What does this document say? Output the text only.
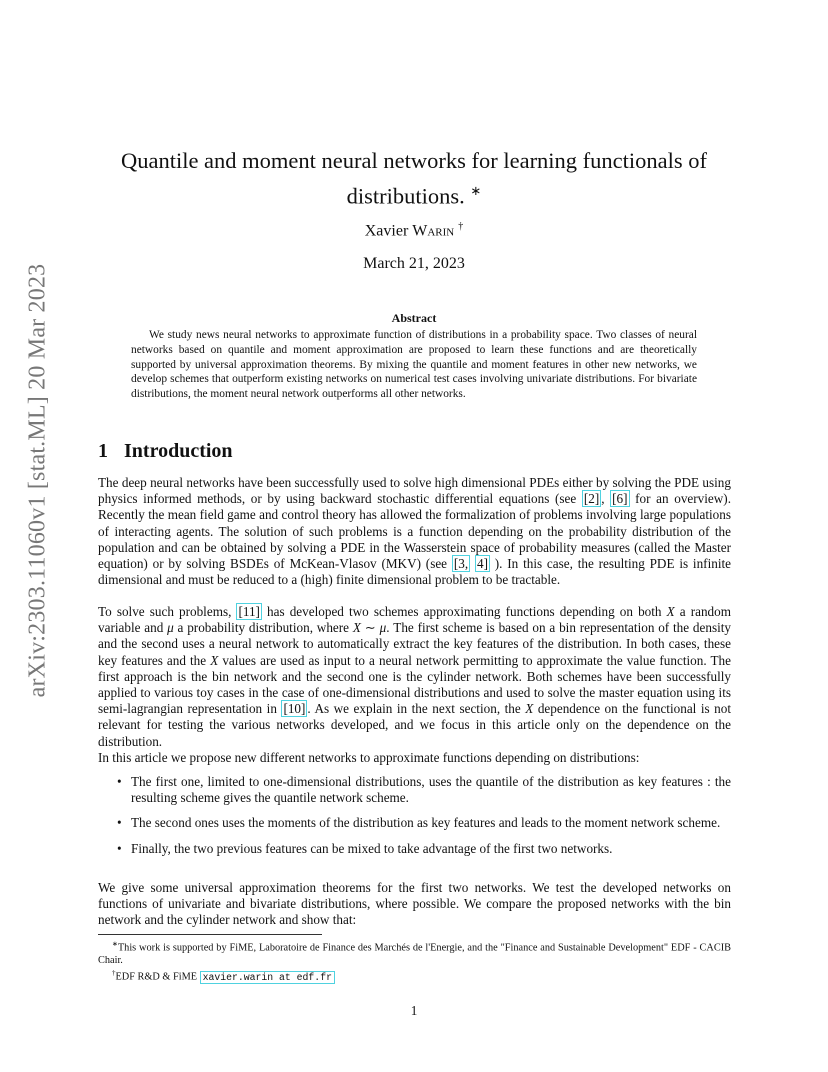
arXiv:2303.11060v1 [stat.ML] 20 Mar 2023
Quantile and moment neural networks for learning functionals of distributions. ∗
Xavier Warin †
March 21, 2023
Abstract
We study news neural networks to approximate function of distributions in a probability space. Two classes of neural networks based on quantile and moment approximation are proposed to learn these functions and are theoretically supported by universal approximation theorems. By mixing the quantile and moment features in other new networks, we develop schemes that outperform existing networks on numerical test cases involving univariate distributions. For bivariate distributions, the moment neural network outperforms all other networks.
1 Introduction
The deep neural networks have been successfully used to solve high dimensional PDEs either by solving the PDE using physics informed methods, or by using backward stochastic differential equations (see [2] , [6] for an overview). Recently the mean field game and control theory has allowed the formalization of problems involving large populations of interacting agents. The solution of such problems is a function depending on the probability distribution of the population and can be obtained by solving a PDE in the Wasserstein space of probability measures (called the Master equation) or by solving BSDEs of McKean-Vlasov (MKV) (see [3, 4] ). In this case, the resulting PDE is infinite dimensional and must be reduced to a (high) finite dimensional problem to be tractable.
To solve such problems, [11] has developed two schemes approximating functions depending on both X a random variable and μ a probability distribution, where X ∼ μ. The first scheme is based on a bin representation of the density and the second uses a neural network to automatically extract the key features of the distribution. In both cases, these key features and the X values are used as input to a neural network permitting to approximate the value function. The first approach is the bin network and the second one is the cylinder network. Both schemes have been successfully applied to various toy cases in the case of one-dimensional distributions and used to solve the master equation using its semi-lagrangian representation in [10] . As we explain in the next section, the X dependence on the functional is not relevant for testing the various networks developed, and we focus in this article only on the dependence on the distribution.
In this article we propose new different networks to approximate functions depending on distributions:
• The first one, limited to one-dimensional distributions, uses the quantile of the distribution as key features : the resulting scheme gives the quantile network scheme.
• The second ones uses the moments of the distribution as key features and leads to the moment network scheme.
• Finally, the two previous features can be mixed to take advantage of the first two networks.
We give some universal approximation theorems for the first two networks. We test the developed networks on functions of univariate and bivariate distributions, where possible. We compare the proposed networks with the bin network and the cylinder network and show that:

∗This work is supported by FiME, Laboratoire de Finance des Marchés de l'Energie, and the "Finance and Sustainable Development" EDF - CACIB Chair.

†EDF R&D & FiME xavier.warin at edf.fr

1
